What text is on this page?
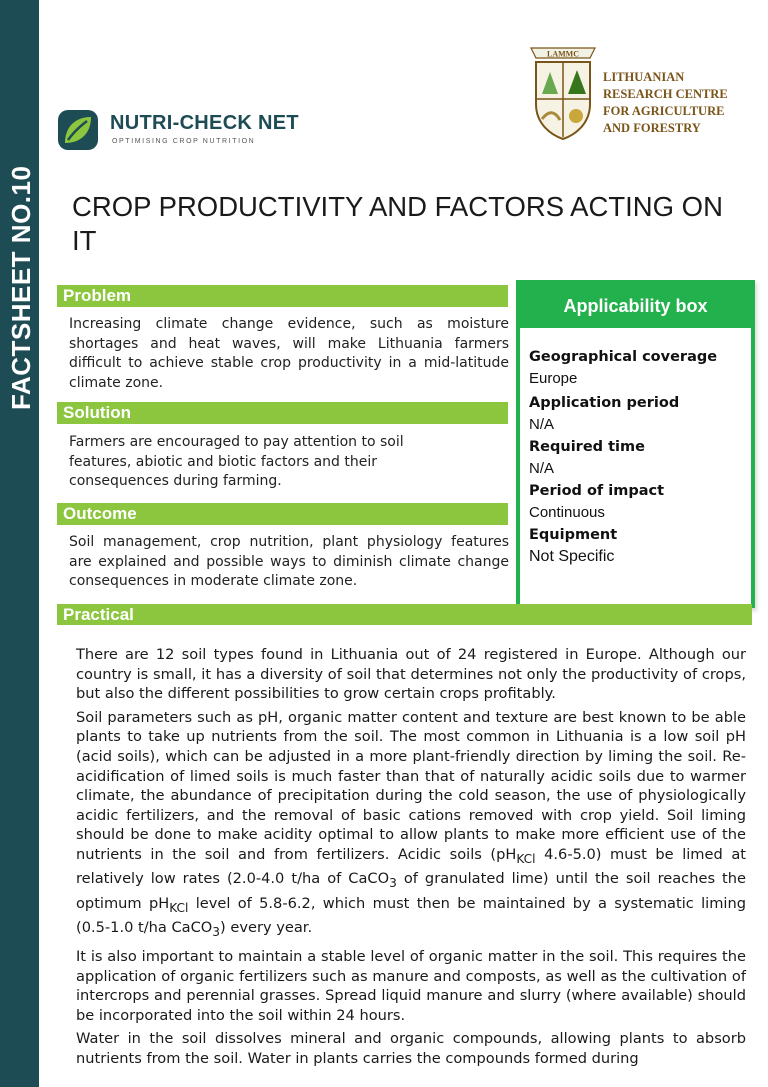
FACTSHEET NO.10
NUTRI-CHECK NET
OPTIMISING CROP NUTRITION
LAMMC
LITHUANIAN
RESEARCH CENTRE
FOR AGRICULTURE
AND FORESTRY
CROP PRODUCTIVITY AND FACTORS ACTING ON IT
Problem

Increasing climate change evidence, such as moisture shortages and heat waves, will make Lithuania farmers difficult to achieve stable crop productivity in a mid-latitude climate zone.

Solution

Farmers are encouraged to pay attention to soil features, abiotic and biotic factors and their consequences during farming.

Outcome

Soil management, crop nutrition, plant physiology features are explained and possible ways to diminish climate change consequences in moderate climate zone.

Applicability box
Geographical coverage
Europe
Application period
N/A
Required time
N/A
Period of impact
Continuous
Equipment
Not Specific
Practical

There are 12 soil types found in Lithuania out of 24 registered in Europe. Although our country is small, it has a diversity of soil that determines not only the productivity of crops, but also the different possibilities to grow certain crops profitably.

Soil parameters such as pH, organic matter content and texture are best known to be able plants to take up nutrients from the soil. The most common in Lithuania is a low soil pH (acid soils), which can be adjusted in a more plant-friendly direction by liming the soil. Re-acidification of limed soils is much faster than that of naturally acidic soils due to warmer climate, the abundance of precipitation during the cold season, the use of physiologically acidic fertilizers, and the removal of basic cations removed with crop yield. Soil liming should be done to make acidity optimal to allow plants to make more efficient use of the nutrients in the soil and from fertilizers. Acidic soils ($pH_{KCl}$ 4.6-5.0) must be limed at relatively low rates (2.0-4.0 t/ha of CaCO$_3$ of granulated lime) until the soil reaches the optimum $pH_{KCl}$ level of 5.8-6.2, which must then be maintained by a systematic liming (0.5-1.0 t/ha CaCO$_3$) every year.

It is also important to maintain a stable level of organic matter in the soil. This requires the application of organic fertilizers such as manure and composts, as well as the cultivation of intercrops and perennial grasses. Spread liquid manure and slurry (where available) should be incorporated into the soil within 24 hours.

Water in the soil dissolves mineral and organic compounds, allowing plants to absorb nutrients from the soil. Water in plants carries the compounds formed during
